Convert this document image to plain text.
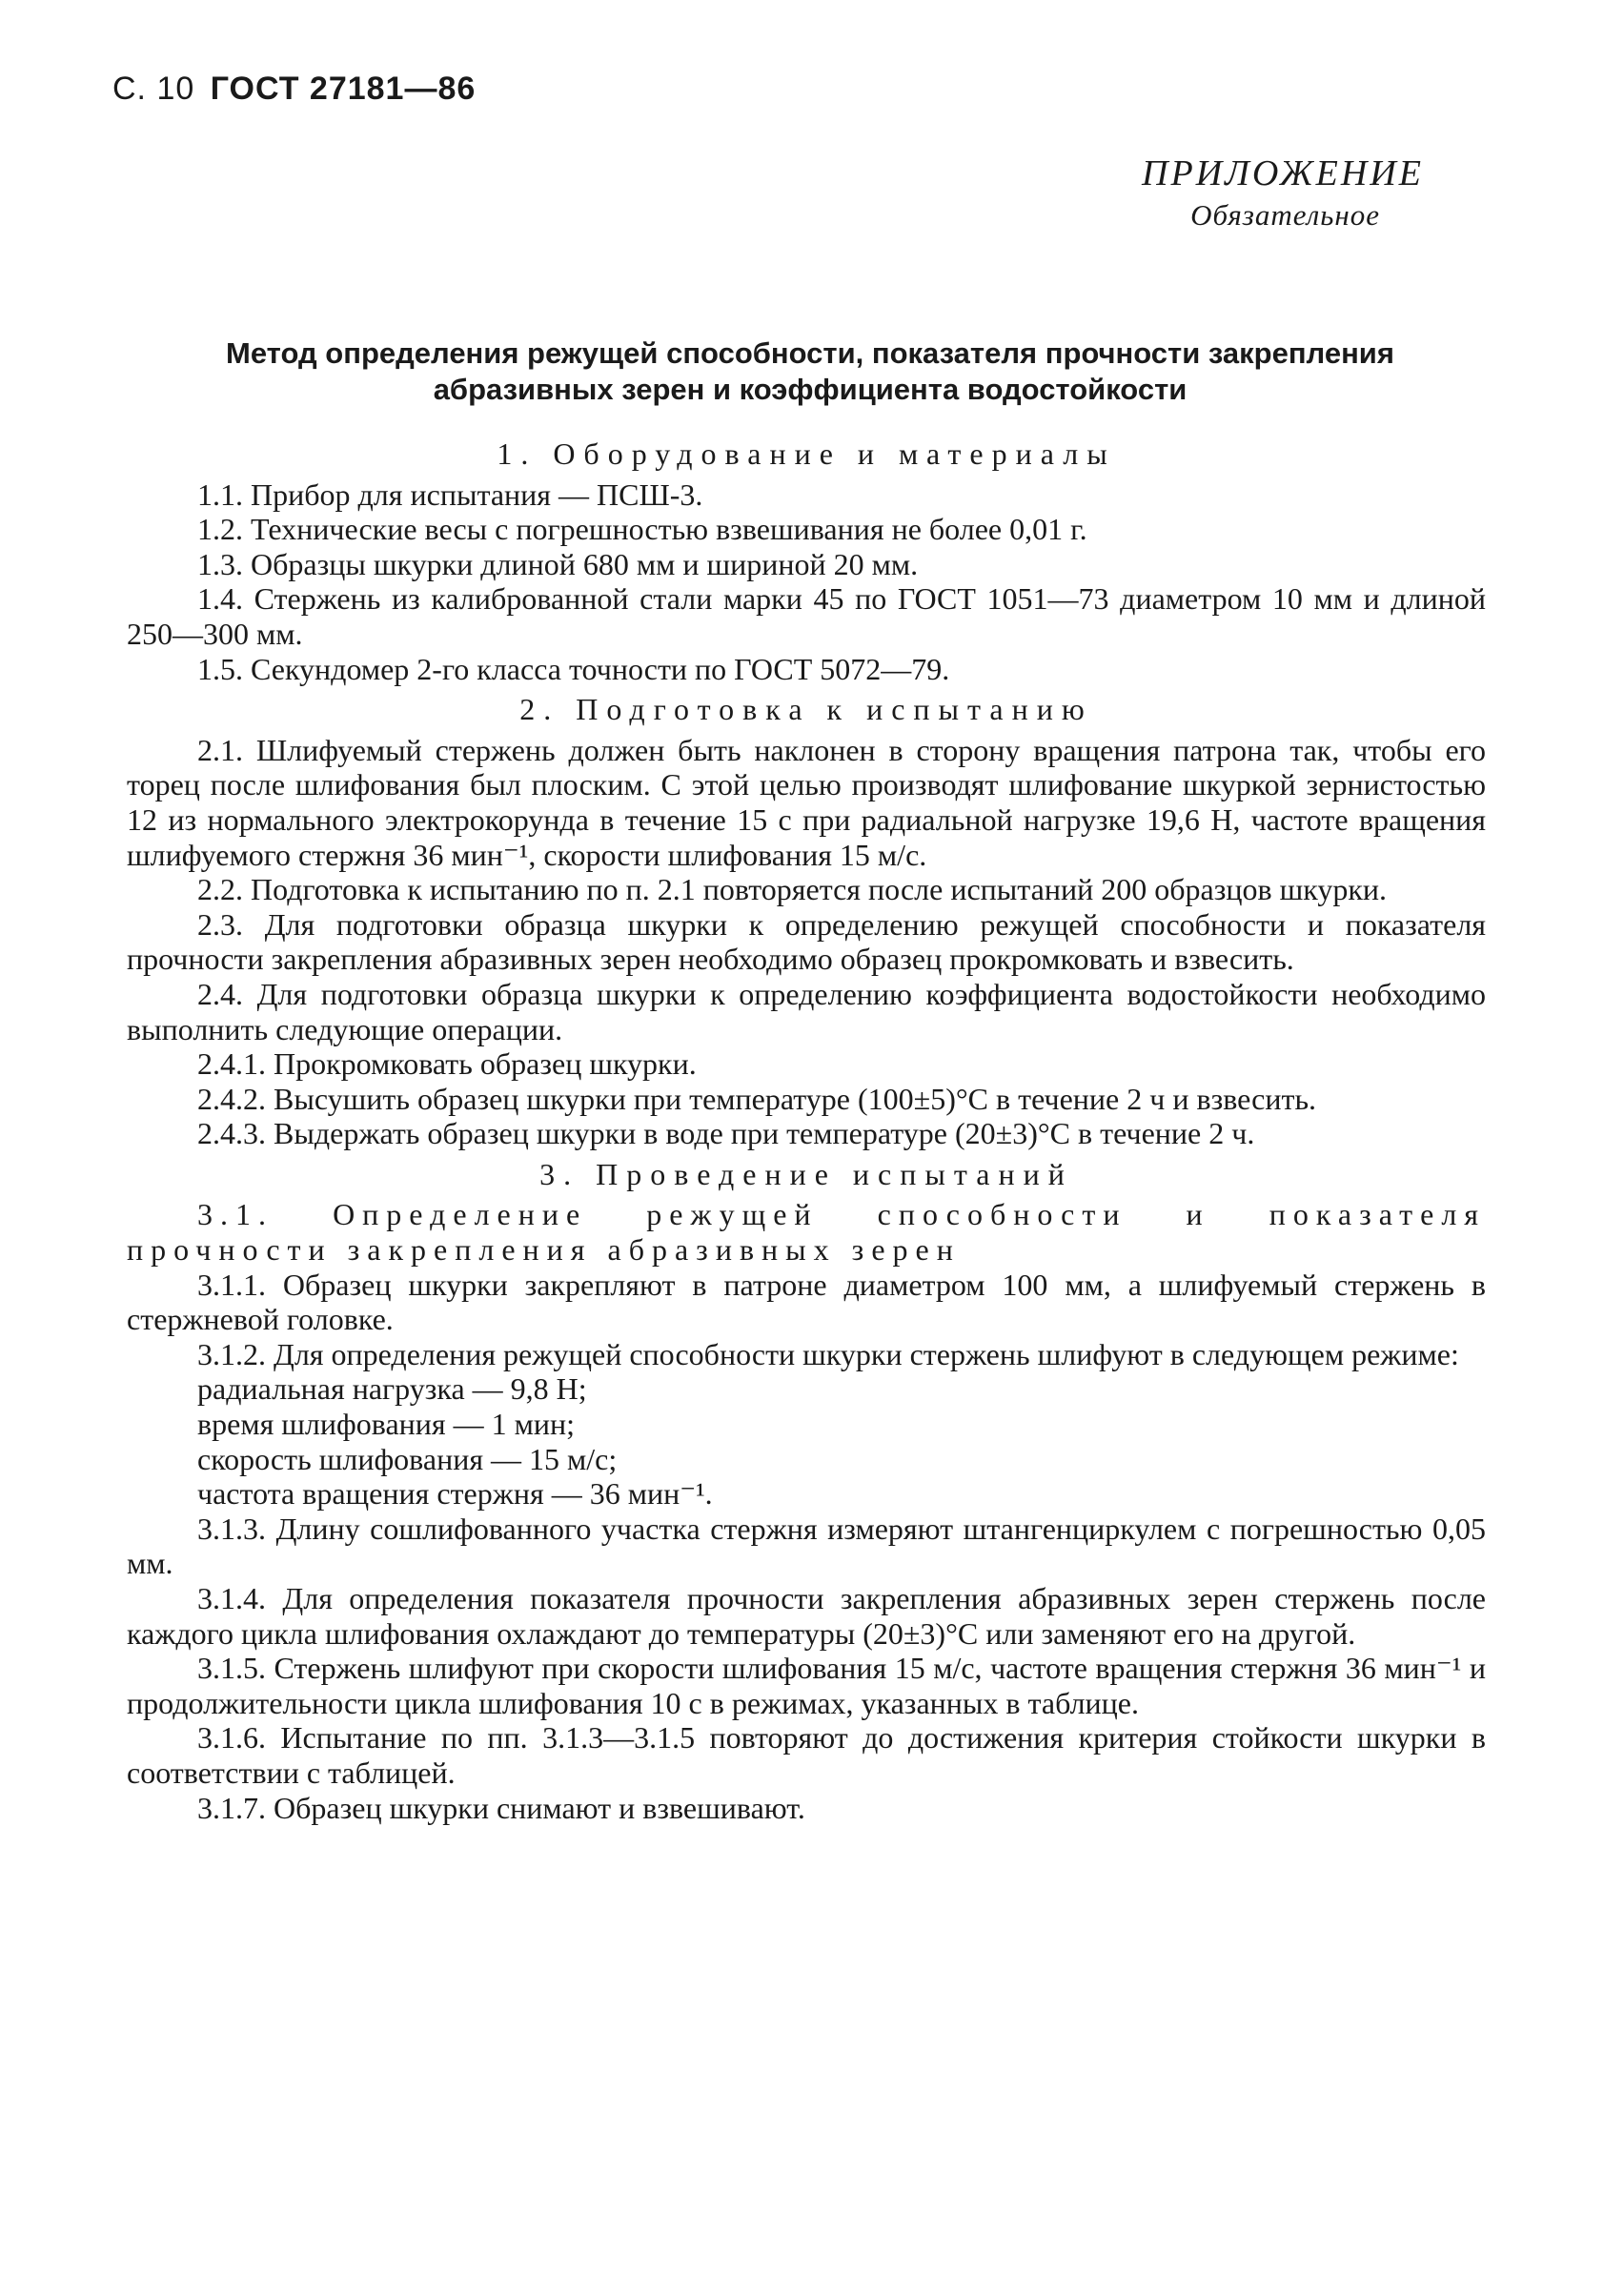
С. 10 ГОСТ 27181—86
ПРИЛОЖЕНИЕ
Обязательное
Метод определения режущей способности, показателя прочности закрепления
абразивных зерен и коэффициента водостойкости
1. Оборудование и материалы

1.1. Прибор для испытания — ПСШ-3.

1.2. Технические весы с погрешностью взвешивания не более 0,01 г.

1.3. Образцы шкурки длиной 680 мм и шириной 20 мм.

1.4. Стержень из калиброванной стали марки 45 по ГОСТ 1051—73 диаметром 10 мм и длиной 250—300 мм.

1.5. Секундомер 2-го класса точности по ГОСТ 5072—79.

2. Подготовка к испытанию

2.1. Шлифуемый стержень должен быть наклонен в сторону вращения патрона так, чтобы его торец после шлифования был плоским. С этой целью производят шлифование шкуркой зернистостью 12 из нормального электрокорунда в течение 15 с при радиальной нагрузке 19,6 Н, частоте вращения шлифуемого стержня 36 мин⁻¹, скорости шлифования 15 м/с.

2.2. Подготовка к испытанию по п. 2.1 повторяется после испытаний 200 образцов шкурки.

2.3. Для подготовки образца шкурки к определению режущей способности и показателя прочности закрепления абразивных зерен необходимо образец прокромковать и взвесить.

2.4. Для подготовки образца шкурки к определению коэффициента водостойкости необходимо выполнить следующие операции.

2.4.1. Прокромковать образец шкурки.

2.4.2. Высушить образец шкурки при температуре (100±5)°С в течение 2 ч и взвесить.

2.4.3. Выдержать образец шкурки в воде при температуре (20±3)°С в течение 2 ч.

3. Проведение испытаний

3.1. Определение режущей способности и показателя

прочности закрепления абразивных зерен

3.1.1. Образец шкурки закрепляют в патроне диаметром 100 мм, а шлифуемый стержень в стержневой головке.

3.1.2. Для определения режущей способности шкурки стержень шлифуют в следующем режиме:

радиальная нагрузка — 9,8 Н;

время шлифования — 1 мин;

скорость шлифования — 15 м/с;

частота вращения стержня — 36 мин⁻¹.

3.1.3. Длину сошлифованного участка стержня измеряют штангенциркулем с погрешностью 0,05 мм.

3.1.4. Для определения показателя прочности закрепления абразивных зерен стержень после каждого цикла шлифования охлаждают до температуры (20±3)°С или заменяют его на другой.

3.1.5. Стержень шлифуют при скорости шлифования 15 м/с, частоте вращения стержня 36 мин⁻¹ и продолжительности цикла шлифования 10 с в режимах, указанных в таблице.

3.1.6. Испытание по пп. 3.1.3—3.1.5 повторяют до достижения критерия стойкости шкурки в соответствии с таблицей.

3.1.7. Образец шкурки снимают и взвешивают.
